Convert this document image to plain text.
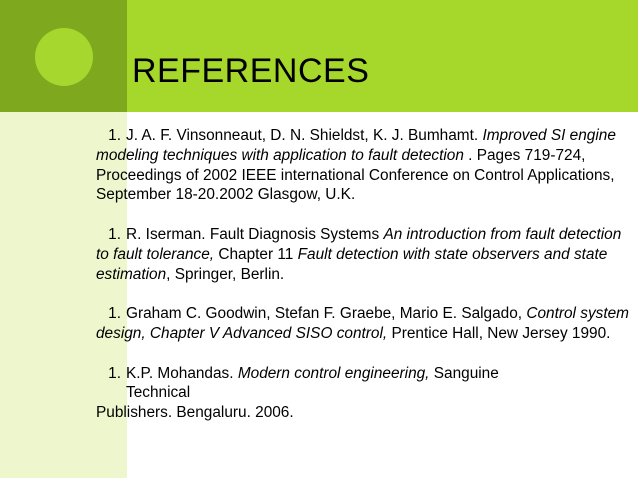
REFERENCES

1. J. A. F. Vinsonneaut, D. N. Shieldst, K. J. Bumhamt. Improved SI engine modeling techniques with application to fault detection . Pages 719-724, Proceedings of 2002 IEEE international Conference on Control Applications, September 18-20.2002 Glasgow, U.K.

1. R. Iserman. Fault Diagnosis Systems An introduction from fault detection to fault tolerance, Chapter 11 Fault detection with state observers and state estimation, Springer, Berlin.

1. Graham C. Goodwin, Stefan F. Graebe, Mario E. Salgado, Control system design, Chapter V Advanced SISO control, Prentice Hall, New Jersey 1990.

1. K.P. Mohandas. Modern control engineering, Sanguine
Technical
Publishers. Bengaluru. 2006.
